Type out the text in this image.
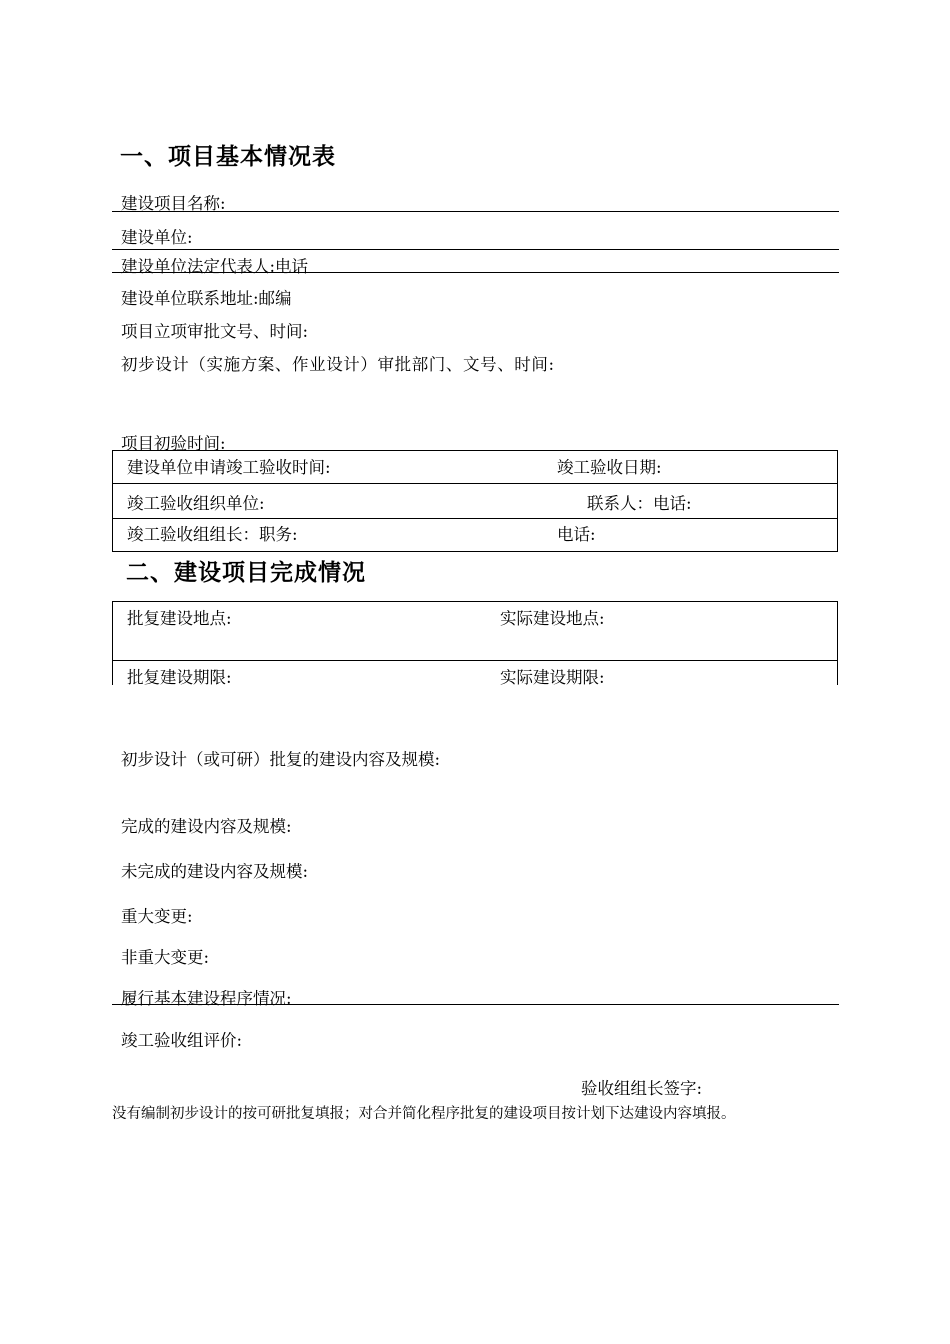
一、项目基本情况表
建设项目名称:
建设单位:
建设单位法定代表人:电话
建设单位联系地址:邮编
项目立项审批文号、时间:
初步设计（实施方案、作业设计）审批部门、文号、时间:
项目初验时间:
建设单位申请竣工验收时间:	竣工验收日期:
竣工验收组织单位:	联系人：电话:
竣工验收组组长：职务:	电话:
二、建设项目完成情况
批复建设地点:	实际建设地点:
批复建设期限:	实际建设期限:
初步设计（或可研）批复的建设内容及规模:
完成的建设内容及规模:
未完成的建设内容及规模:
重大变更:
非重大变更:
履行基本建设程序情况:
竣工验收组评价:
验收组组长签字:
没有编制初步设计的按可研批复填报；对合并简化程序批复的建设项目按计划下达建设内容填报。
